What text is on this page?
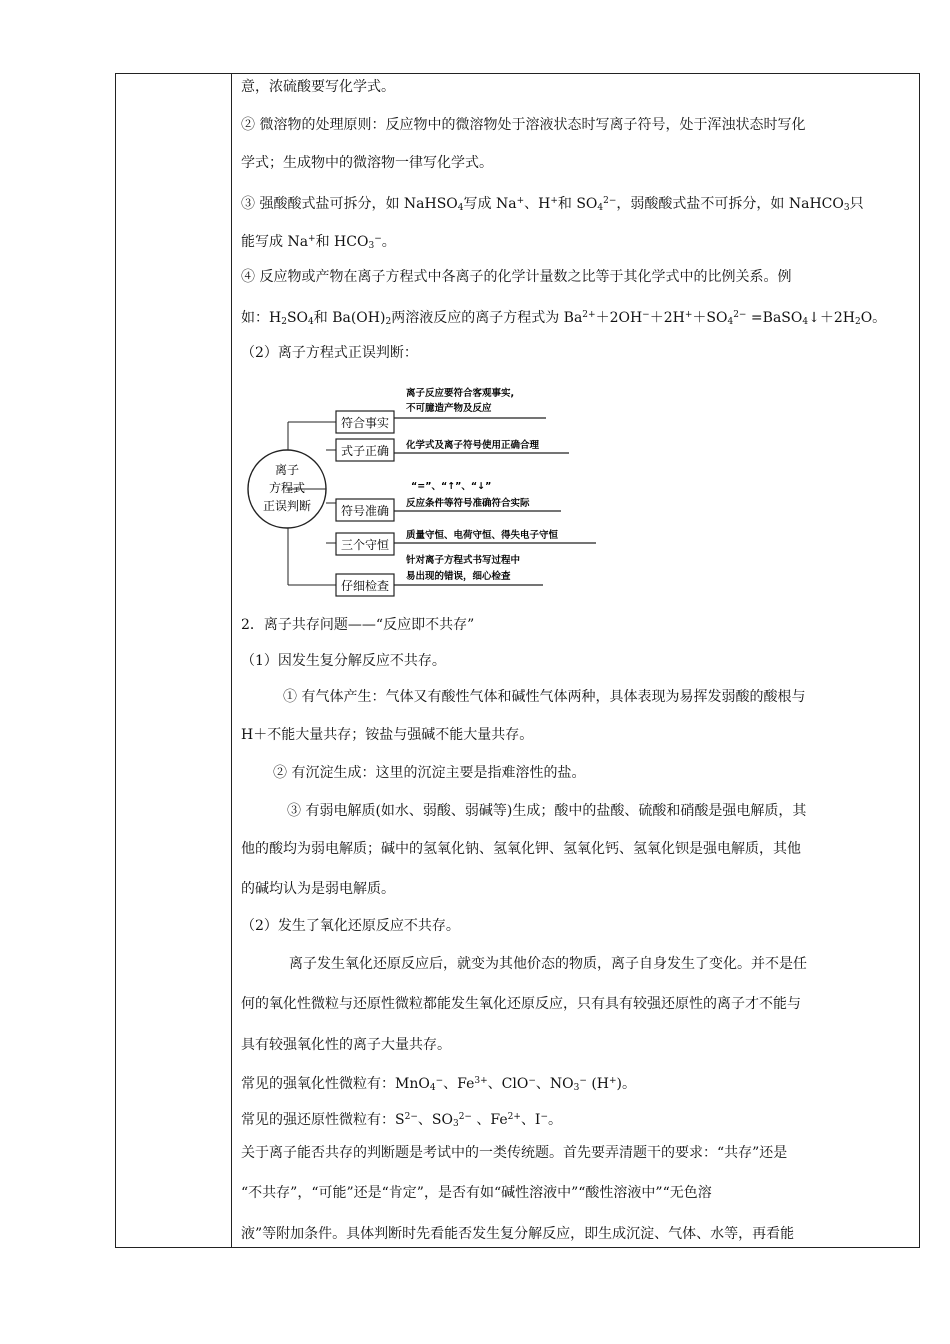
意，浓硫酸要写化学式。
② 微溶物的处理原则：反应物中的微溶物处于溶液状态时写离子符号，处于浑浊状态时写化
学式；生成物中的微溶物一律写化学式。
③ 强酸酸式盐可拆分，如 NaHSO$_4$写成 Na+、H+和 $SO_4^{2-}$，弱酸酸式盐不可拆分，如 NaHCO$_3$只
能写成 Na+和 $HCO_3^-$。
④ 反应物或产物在离子方程式中各离子的化学计量数之比等于其化学式中的比例关系。例
如：$H_2SO_4$和 $Ba(OH)_2$两溶液反应的离子方程式为 $Ba^{2+}+2OH^-+2H^++SO_4^{2-}$ $=BaSO_4↓+2H_2O$。
（2）离子方程式正误判断：
2．离子共存问题——“反应即不共存”
（1）因发生复分解反应不共存。
① 有气体产生：气体又有酸性气体和碱性气体两种，具体表现为易挥发弱酸的酸根与
H＋不能大量共存；铵盐与强碱不能大量共存。
② 有沉淀生成：这里的沉淀主要是指难溶性的盐。
③ 有弱电解质(如水、弱酸、弱碱等)生成；酸中的盐酸、硫酸和硝酸是强电解质，其
他的酸均为弱电解质；碱中的氢氧化钠、氢氧化钾、氢氧化钙、氢氧化钡是强电解质，其他
的碱均认为是弱电解质。
（2）发生了氧化还原反应不共存。
离子发生氧化还原反应后，就变为其他价态的物质，离子自身发生了变化。并不是任
何的氧化性微粒与还原性微粒都能发生氧化还原反应，只有具有较强还原性的离子才不能与
具有较强氧化性的离子大量共存。
常见的强氧化性微粒有：MnO$_4$−、$Fe^{3+}$、ClO−、$NO_3^-$ (H+)。
常见的强还原性微粒有：$S^{2-}$、$SO_3^{2-}$ 、$Fe^{2+}$、I−。
关于离子能否共存的判断题是考试中的一类传统题。首先要弄清题干的要求：“共存”还是
“不共存”，“可能”还是“肯定”，是否有如“碱性溶液中”“酸性溶液中”“无色溶
液”等附加条件。具体判断时先看能否发生复分解反应，即生成沉淀、气体、水等，再看能
离子
方程式
正误判断
符合事实
离子反应要符合客观事实,
不可臆造产物及反应
式子正确 化学式及离子符号使用正确合理
符号准确
“=”、“↑”、“↓”
反应条件等符号准确符合实际
三个守恒
质量守恒、电荷守恒、得失电子守恒
仔细检查
针对离子方程式书写过程中
易出现的错误，细心检查
